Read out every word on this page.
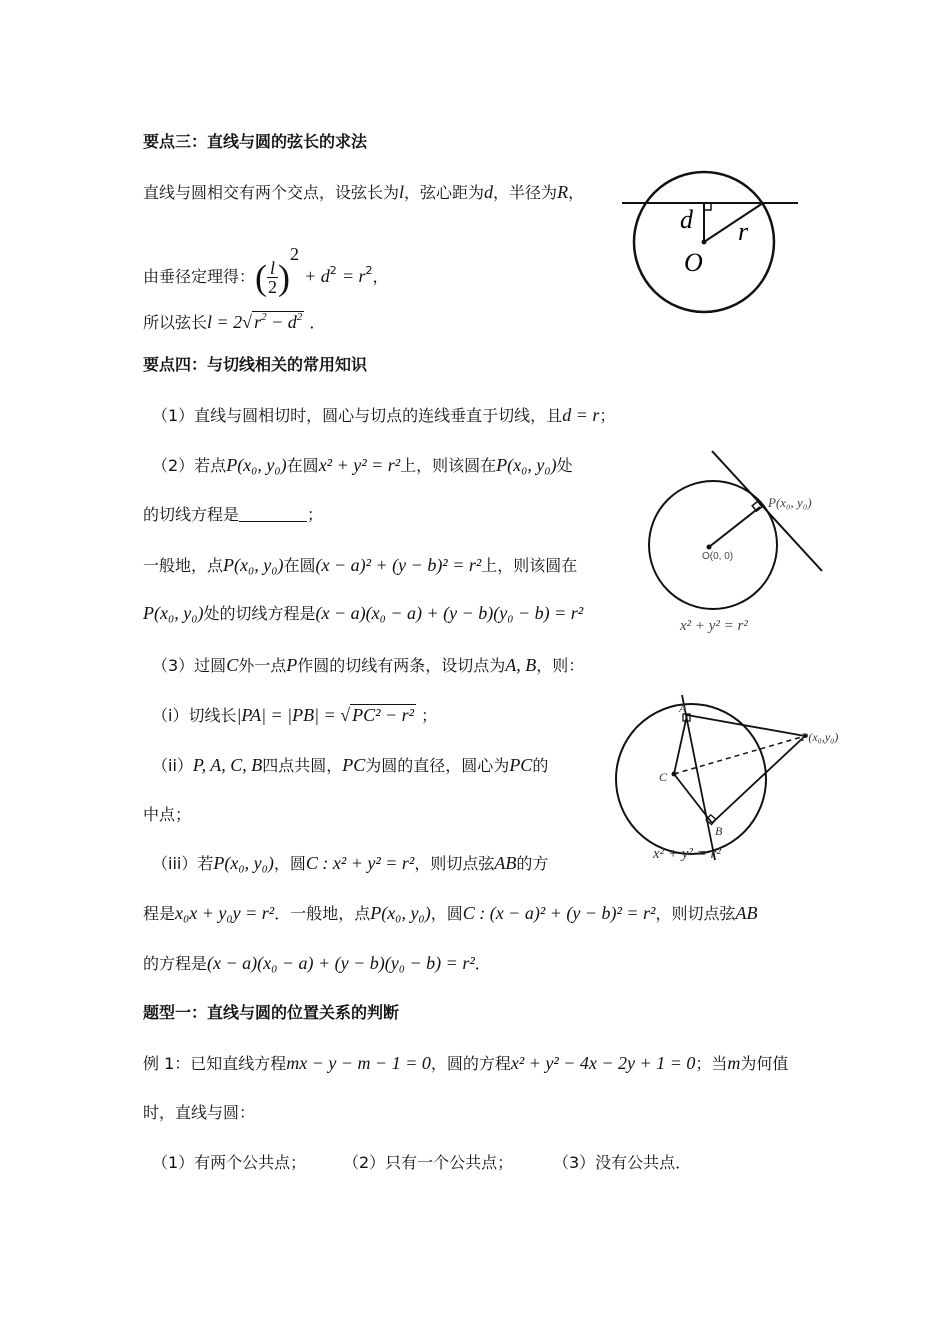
要点三：直线与圆的弦长的求法
直线与圆相交有两个交点，设弦长为l，弦心距为d，半径为R，
由垂径定理得：( $\frac{l}{2} )^2 + d^2 = r^2$，
所以弦长l = 2√ $r^2 - d^2$ ．
d r
O
要点四：与切线相关的常用知识
（1）直线与圆相切时，圆心与切点的连线垂直于切线，且d = r；
（2）若点P(x₀, y₀)在圆x² + y² = r²上，则该圆在P(x₀, y₀)处
的切线方程是	；
一般地，点P(x₀, y₀)在圆(x − a)² + (y − b)² = r²上，则该圆在
P(x₀, y₀)处的切线方程是(x − a)(x₀ − a) + (y − b)(y₀ − b) = r²
（3）过圆C外一点P作圆的切线有两条，设切点为A, B，则：
（i）切线长|PA| = |PB| = √ PC² − r² ；
（ii）P, A, C, B四点共圆，PC为圆的直径，圆心为PC的
中点；
（iii）若P(x₀, y₀)，圆C : x² + y² = r²，则切点弦AB的方
程是x₀x + y₀y = r²．一般地，点P(x₀, y₀)，圆C : (x − a)² + (y − b)² = r²，则切点弦AB
的方程是(x − a)(x₀ − a) + (y − b)(y₀ − b) = r²．
P(x₀, y₀)
O(0, 0)
x² + y² = r²
A
P(x₀,y₀)
C
B
x² + y² = r²
题型一：直线与圆的位置关系的判断
例 1：已知直线方程mx − y − m − 1 = 0，圆的方程x² + y² − 4x − 2y + 1 = 0；当m为何值
时，直线与圆：
（1）有两个公共点； （2）只有一个公共点； （3）没有公共点．
